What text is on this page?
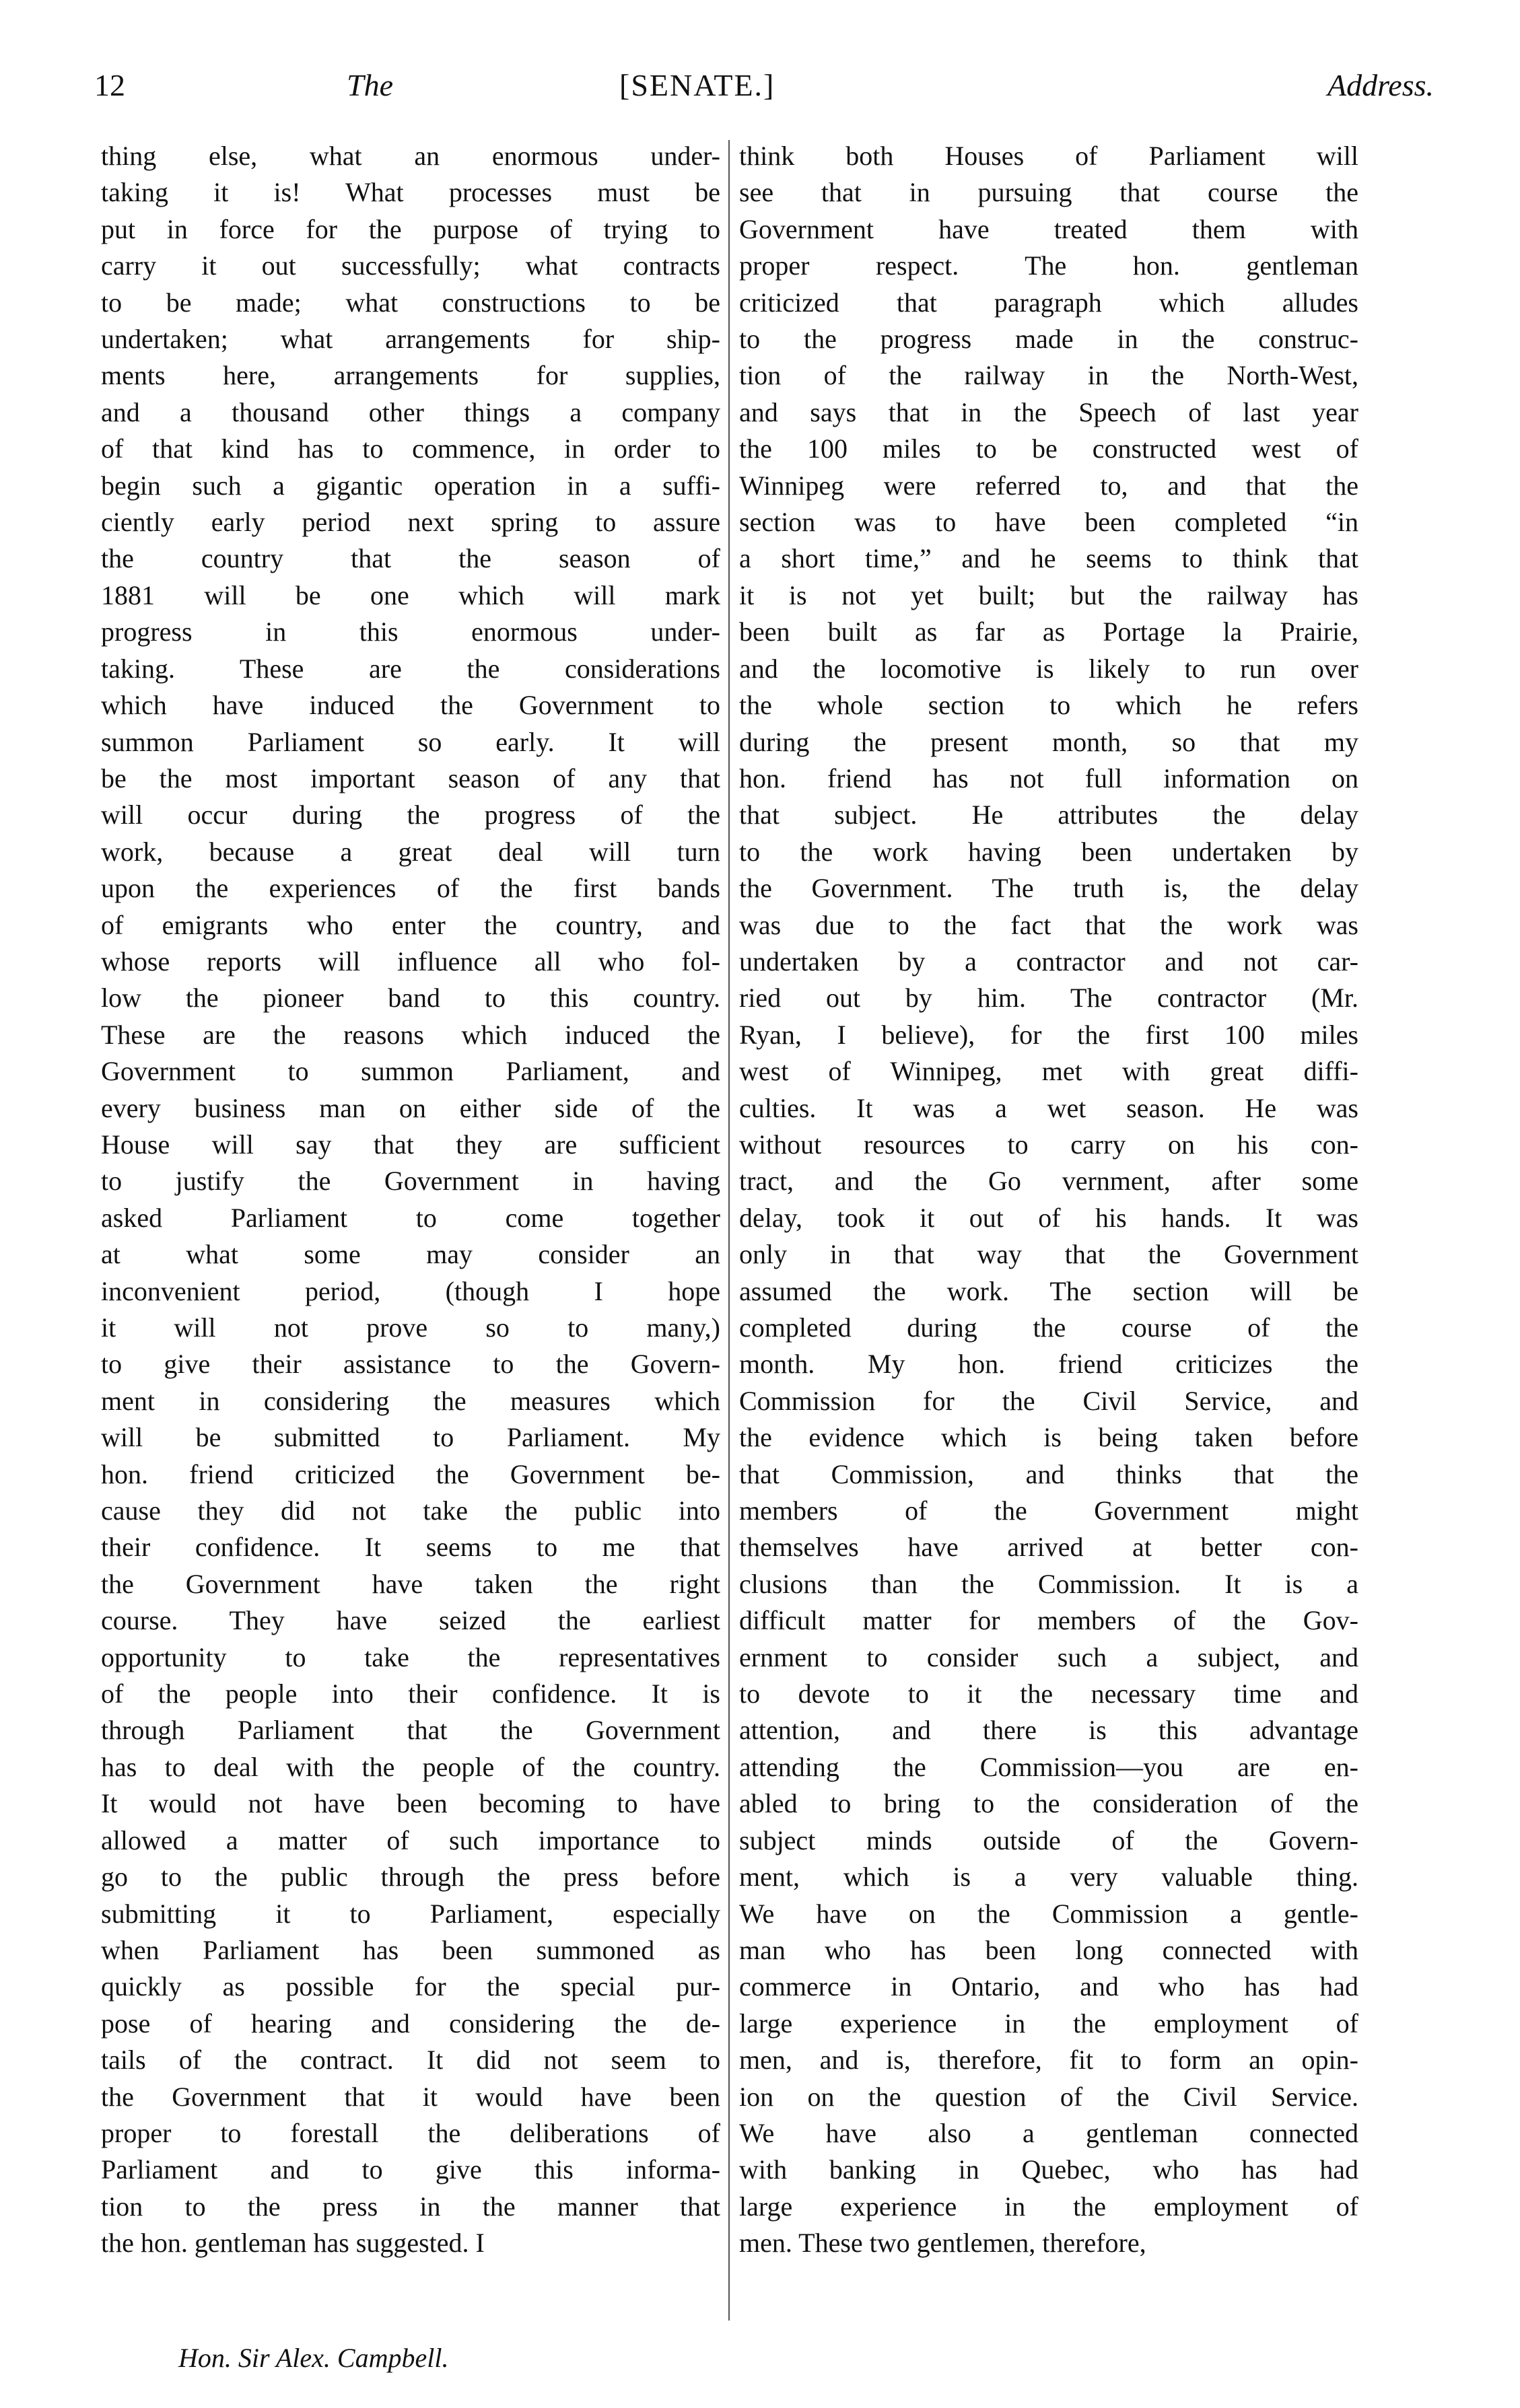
12	The	[SENATE.]	Address.
thing else, what an enormous under-
taking it is! What processes must be
put in force for the purpose of trying to
carry it out successfully; what contracts
to be made; what constructions to be
undertaken; what arrangements for ship-
ments here, arrangements for supplies,
and a thousand other things a company
of that kind has to commence, in order to
begin such a gigantic operation in a suffi-
ciently early period next spring to assure
the country that the season of
1881 will be one which will mark
progress in this enormous under-
taking. These are the considerations
which have induced the Government to
summon Parliament so early. It will
be the most important season of any that
will occur during the progress of the
work, because a great deal will turn
upon the experiences of the first bands
of emigrants who enter the country, and
whose reports will influence all who fol-
low the pioneer band to this country.
These are the reasons which induced the
Government to summon Parliament, and
every business man on either side of the
House will say that they are sufficient
to justify the Government in having
asked Parliament to come together
at what some may consider an
inconvenient period, (though I hope
it will not prove so to many,)
to give their assistance to the Govern-
ment in considering the measures which
will be submitted to Parliament. My
hon. friend criticized the Government be-
cause they did not take the public into
their confidence. It seems to me that
the Government have taken the right
course. They have seized the earliest
opportunity to take the representatives
of the people into their confidence. It is
through Parliament that the Government
has to deal with the people of the country.
It would not have been becoming to have
allowed a matter of such importance to
go to the public through the press before
submitting it to Parliament, especially
when Parliament has been summoned as
quickly as possible for the special pur-
pose of hearing and considering the de-
tails of the contract. It did not seem to
the Government that it would have been
proper to forestall the deliberations of
Parliament and to give this informa-
tion to the press in the manner that
the hon. gentleman has suggested. I
think both Houses of Parliament will
see that in pursuing that course the
Government have treated them with
proper respect. The hon. gentleman
criticized that paragraph which alludes
to the progress made in the construc-
tion of the railway in the North-West,
and says that in the Speech of last year
the 100 miles to be constructed west of
Winnipeg were referred to, and that the
section was to have been completed “in
a short time,” and he seems to think that
it is not yet built; but the railway has
been built as far as Portage la Prairie,
and the locomotive is likely to run over
the whole section to which he refers
during the present month, so that my
hon. friend has not full information on
that subject. He attributes the delay
to the work having been undertaken by
the Government. The truth is, the delay
was due to the fact that the work was
undertaken by a contractor and not car-
ried out by him. The contractor (Mr.
Ryan, I believe), for the first 100 miles
west of Winnipeg, met with great diffi-
culties. It was a wet season. He was
without resources to carry on his con-
tract, and the Go vernment, after some
delay, took it out of his hands. It was
only in that way that the Government
assumed the work. The section will be
completed during the course of the
month. My hon. friend criticizes the
Commission for the Civil Service, and
the evidence which is being taken before
that Commission, and thinks that the
members of the Government might
themselves have arrived at better con-
clusions than the Commission. It is a
difficult matter for members of the Gov-
ernment to consider such a subject, and
to devote to it the necessary time and
attention, and there is this advantage
attending the Commission—you are en-
abled to bring to the consideration of the
subject minds outside of the Govern-
ment, which is a very valuable thing.
We have on the Commission a gentle-
man who has been long connected with
commerce in Ontario, and who has had
large experience in the employment of
men, and is, therefore, fit to form an opin-
ion on the question of the Civil Service.
We have also a gentleman connected
with banking in Quebec, who has had
large experience in the employment of
men. These two gentlemen, therefore,
Hon. Sir Alex. Campbell.
